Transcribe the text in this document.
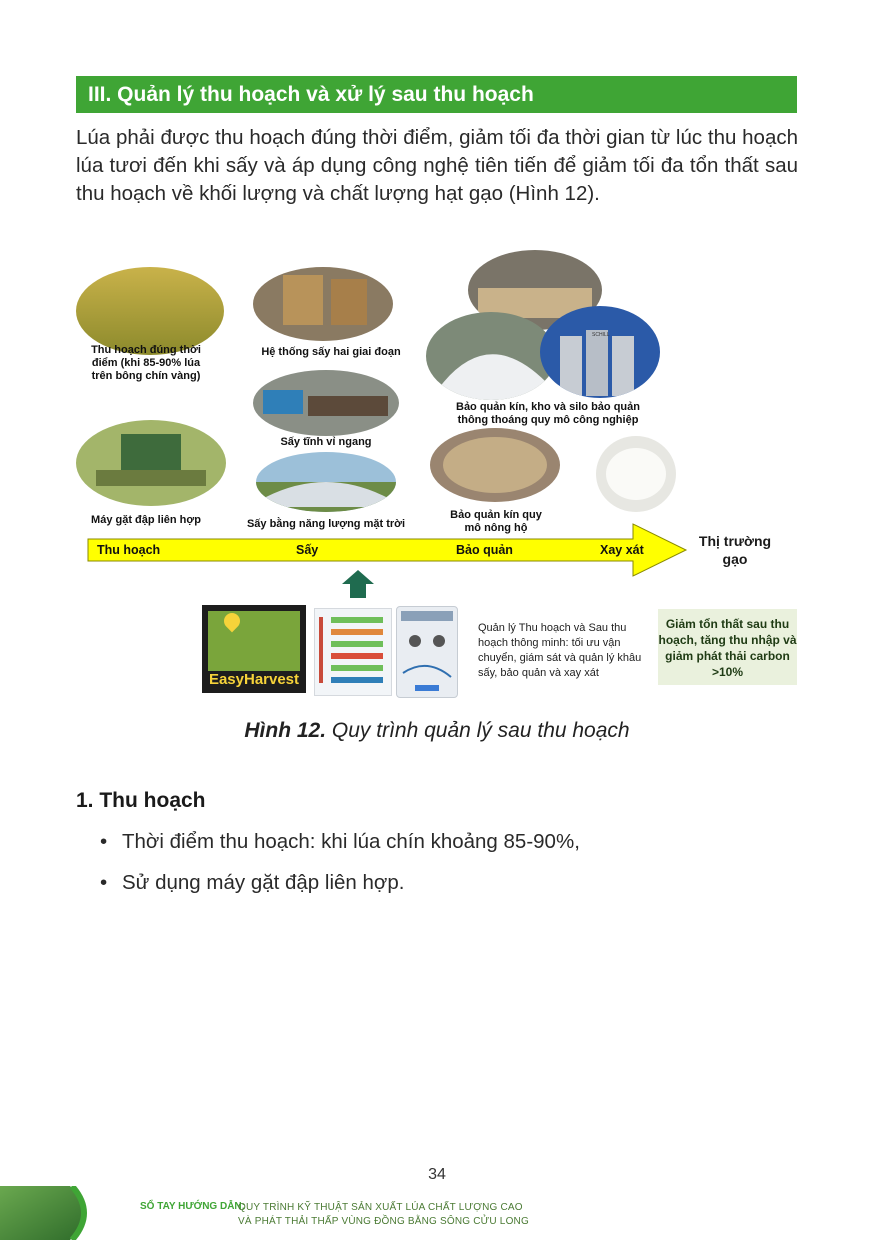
III. Quản lý thu hoạch và xử lý sau thu hoạch
Lúa phải được thu hoạch đúng thời điểm, giảm tối đa thời gian từ lúc thu hoạch lúa tươi đến khi sấy và áp dụng công nghệ tiên tiến để giảm tối đa tổn thất sau thu hoạch về khối lượng và chất lượng hạt gạo (Hình 12).
SCHILL
Thu hoạch đúng thời điểm (khi 85-90% lúa trên bông chín vàng)
Hệ thống sấy hai giai đoạn
Sấy tĩnh vỉ ngang
Bảo quản kín, kho và silo bảo quản thông thoáng quy mô công nghiệp
Máy gặt đập liên hợp	Sấy bằng năng lượng mặt trời
Bảo quản kín quy mô nông hộ
EasyHarvest
Quản lý Thu hoạch và Sau thu hoạch thông minh: tối ưu vận chuyển, giám sát và quản lý khâu sấy, bảo quản và xay xát
Thu hoạch	Sấy	Bảo quản	Xay xát
Thị trường gạo
Giảm tổn thất sau thu hoạch, tăng thu nhập và giảm phát thải carbon >10%
Hình 12. Quy trình quản lý sau thu hoạch
1. Thu hoạch
• Thời điểm thu hoạch: khi lúa chín khoảng 85-90%,
• Sử dụng máy gặt đập liên hợp.
34
SỔ TAY HƯỚNG DẪN:
QUY TRÌNH KỸ THUẬT SẢN XUẤT LÚA CHẤT LƯỢNG CAO
VÀ PHÁT THẢI THẤP VÙNG ĐỒNG BẰNG SÔNG CỬU LONG
